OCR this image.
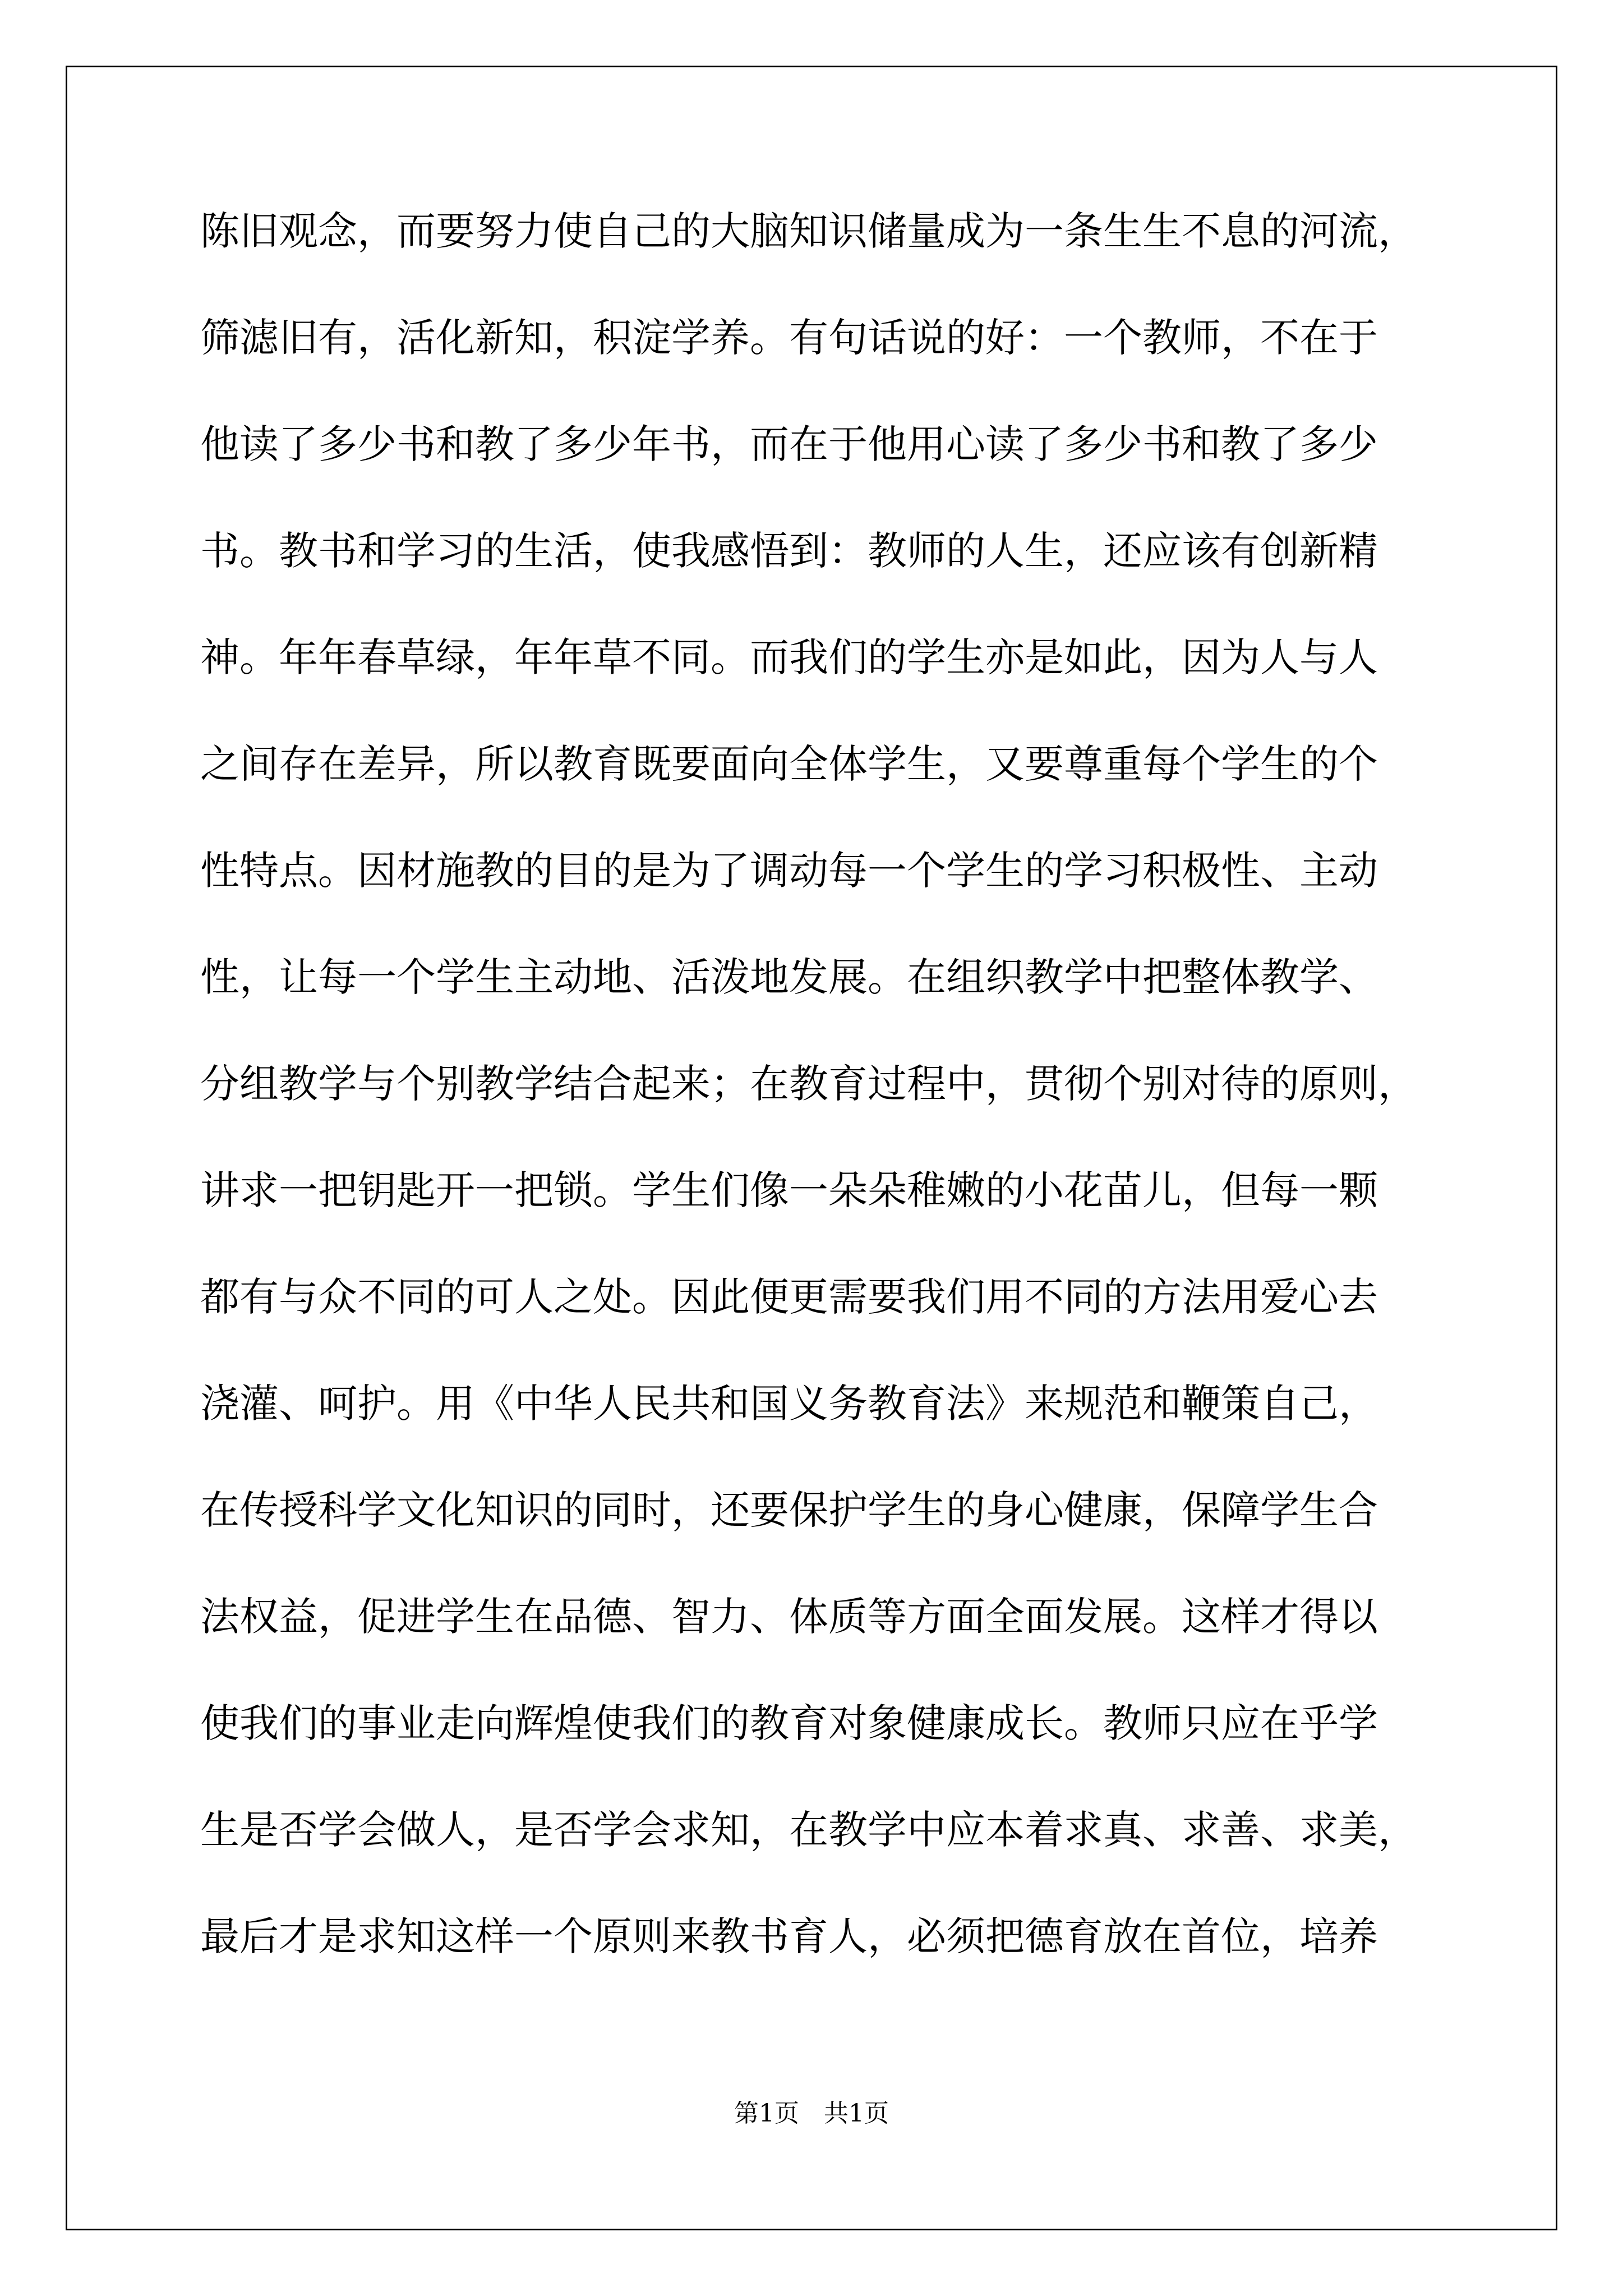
陈旧观念，而要努力使自己的大脑知识储量成为一条生生不息的河流，
筛滤旧有，活化新知，积淀学养。有句话说的好：一个教师，不在于
他读了多少书和教了多少年书，而在于他用心读了多少书和教了多少
书。教书和学习的生活，使我感悟到：教师的人生，还应该有创新精
神。年年春草绿，年年草不同。而我们的学生亦是如此，因为人与人
之间存在差异，所以教育既要面向全体学生，又要尊重每个学生的个
性特点。因材施教的目的是为了调动每一个学生的学习积极性、主动
性，让每一个学生主动地、活泼地发展。在组织教学中把整体教学、
分组教学与个别教学结合起来；在教育过程中，贯彻个别对待的原则，
讲求一把钥匙开一把锁。学生们像一朵朵稚嫩的小花苗儿，但每一颗
都有与众不同的可人之处。因此便更需要我们用不同的方法用爱心去
浇灌、呵护。用《中华人民共和国义务教育法》来规范和鞭策自己，
在传授科学文化知识的同时，还要保护学生的身心健康，保障学生合
法权益，促进学生在品德、智力、体质等方面全面发展。这样才得以
使我们的事业走向辉煌使我们的教育对象健康成长。教师只应在乎学
生是否学会做人，是否学会求知，在教学中应本着求真、求善、求美，
最后才是求知这样一个原则来教书育人，必须把德育放在首位，培养
第1页　共1页
